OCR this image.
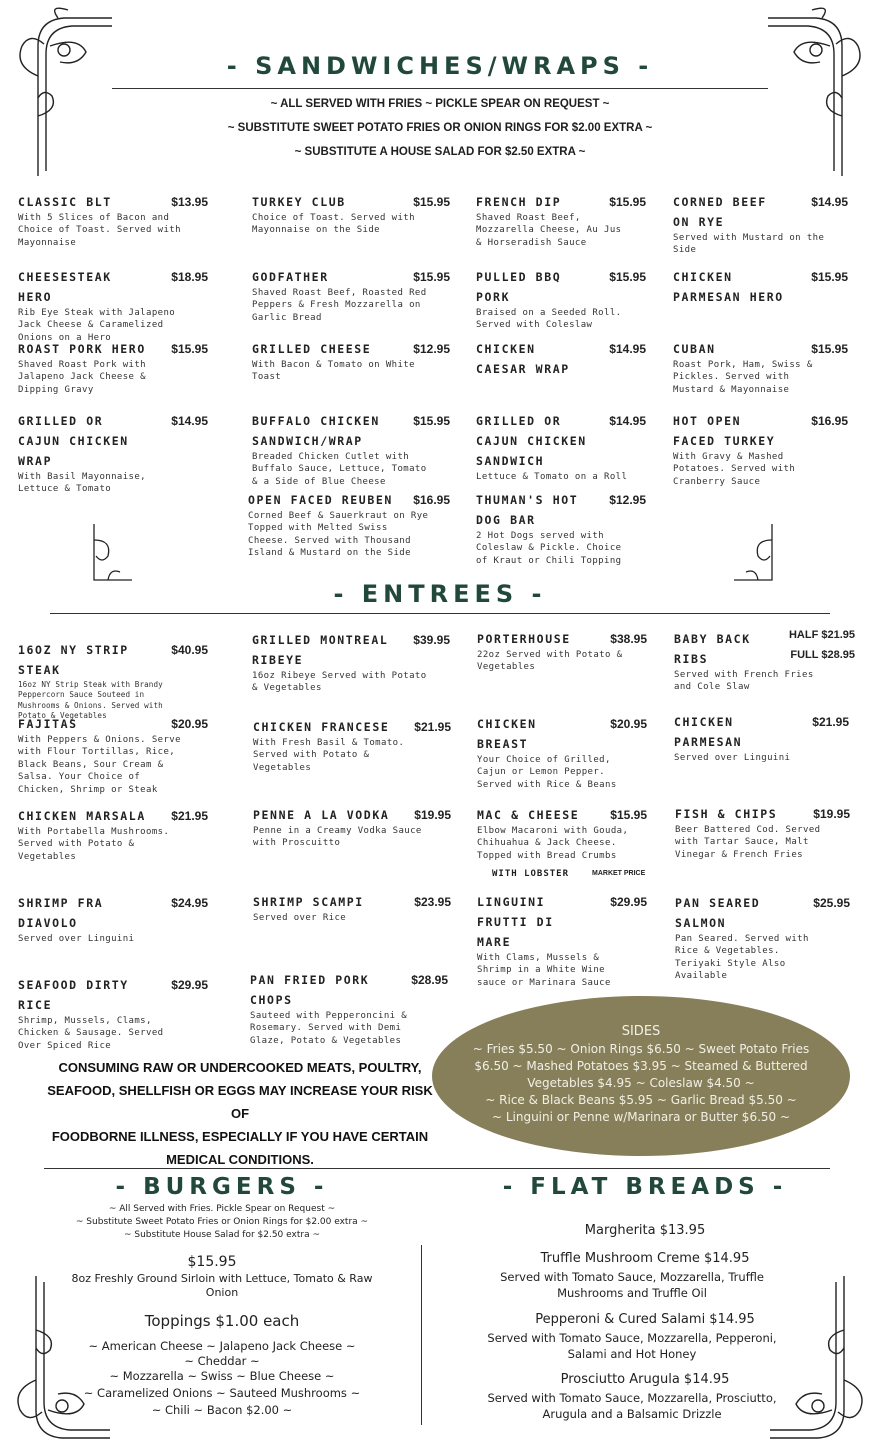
- SANDWICHES/WRAPS -
~ ALL SERVED WITH FRIES ~ PICKLE SPEAR ON REQUEST ~
~ SUBSTITUTE SWEET POTATO FRIES OR ONION RINGS FOR $2.00 EXTRA ~
~ SUBSTITUTE A HOUSE SALAD FOR $2.50 EXTRA ~
CLASSIC BLT	$13.95
With 5 Slices of Bacon and Choice of Toast. Served with Mayonnaise
TURKEY CLUB	$15.95
Choice of Toast. Served with Mayonnaise on the Side
FRENCH DIP	$15.95
Shaved Roast Beef, Mozzarella Cheese, Au Jus & Horseradish Sauce
CORNED BEEF ON RYE
$14.95
Served with Mustard on the Side
CHEESESTEAK HERO
$18.95
Rib Eye Steak with Jalapeno Jack Cheese & Caramelized Onions on a Hero
GODFATHER	$15.95
Shaved Roast Beef, Roasted Red Peppers & Fresh Mozzarella on Garlic Bread
PULLED BBQ PORK
$15.95
Braised on a Seeded Roll. Served with Coleslaw
CHICKEN PARMESAN HERO
$15.95
ROAST PORK HERO	$15.95
Shaved Roast Pork with Jalapeno Jack Cheese & Dipping Gravy
GRILLED CHEESE	$12.95
With Bacon & Tomato on White Toast
CHICKEN CAESAR WRAP
$14.95 CUBAN	$15.95
Roast Pork, Ham, Swiss & Pickles. Served with Mustard & Mayonnaise
GRILLED OR CAJUN CHICKEN WRAP
$14.95
With Basil Mayonnaise, Lettuce & Tomato
BUFFALO CHICKEN SANDWICH/WRAP
$15.95
Breaded Chicken Cutlet with Buffalo Sauce, Lettuce, Tomato & a Side of Blue Cheese
GRILLED OR CAJUN CHICKEN SANDWICH
$14.95
Lettuce & Tomato on a Roll
HOT OPEN FACED TURKEY
$16.95
With Gravy & Mashed Potatoes. Served with Cranberry Sauce
OPEN FACED REUBEN $16.95
Corned Beef & Sauerkraut on Rye Topped with Melted Swiss Cheese. Served with Thousand Island & Mustard on the Side
THUMAN'S HOT DOG BAR
$12.95
2 Hot Dogs served with Coleslaw & Pickle. Choice of Kraut or Chili Topping
- ENTREES -
16OZ NY STRIP STEAK
$40.95
16oz NY Strip Steak with Brandy Peppercorn Sauce Souteed in Mushrooms & Onions. Served with Potato & Vegetables
GRILLED MONTREAL RIBEYE
$39.95
16oz Ribeye Served with Potato & Vegetables
PORTERHOUSE	$38.95
22oz Served with Potato & Vegetables
BABY BACK RIBS
HALF $21.95
FULL $28.95
Served with French Fries and Cole Slaw
FAJITAS	$20.95
With Peppers & Onions. Serve with Flour Tortillas, Rice, Black Beans, Sour Cream & Salsa. Your Choice of Chicken, Shrimp or Steak
CHICKEN FRANCESE	$21.95
With Fresh Basil & Tomato. Served with Potato & Vegetables
CHICKEN BREAST
$20.95
Your Choice of Grilled, Cajun or Lemon Pepper. Served with Rice & Beans
CHICKEN PARMESAN
$21.95
Served over Linguini
CHICKEN MARSALA	$21.95
With Portabella Mushrooms. Served with Potato & Vegetables
PENNE A LA VODKA	$19.95
Penne in a Creamy Vodka Sauce with Proscuitto
MAC & CHEESE	$15.95
Elbow Macaroni with Gouda, Chihuahua & Jack Cheese. Topped with Bread Crumbs
FISH & CHIPS	$19.95
Beer Battered Cod. Served with Tartar Sauce, Malt Vinegar & French Fries
SHRIMP FRA DIAVOLO
$24.95
Served over Linguini
SHRIMP SCAMPI	$23.95
Served over Rice
LINGUINI FRUTTI DI MARE
$29.95
With Clams, Mussels & Shrimp in a White Wine sauce or Marinara Sauce
PAN SEARED SALMON
$25.95
Pan Seared. Served with Rice & Vegetables. Teriyaki Style Also Available
SEAFOOD DIRTY RICE
$29.95
Shrimp, Mussels, Clams, Chicken & Sausage. Served Over Spiced Rice
PAN FRIED PORK CHOPS
$28.95
Sauteed with Pepperoncini & Rosemary. Served with Demi Glaze, Potato & Vegetables
WITH LOBSTER	MARKET PRICE
SIDES
~ Fries $5.50 ~ Onion Rings $6.50 ~ Sweet Potato Fries
$6.50 ~ Mashed Potatoes $3.95 ~ Steamed & Buttered
Vegetables $4.95 ~ Coleslaw $4.50 ~
~ Rice & Black Beans $5.95 ~ Garlic Bread $5.50 ~
~ Linguini or Penne w/Marinara or Butter $6.50 ~
CONSUMING RAW OR UNDERCOOKED MEATS, POULTRY,
SEAFOOD, SHELLFISH OR EGGS MAY INCREASE YOUR RISK OF
FOODBORNE ILLNESS, ESPECIALLY IF YOU HAVE CERTAIN
MEDICAL CONDITIONS.
- BURGERS -
~ All Served with Fries. Pickle Spear on Request ~
~ Substitute Sweet Potato Fries or Onion Rings for $2.00 extra ~
~ Substitute House Salad for $2.50 extra ~
$15.95
8oz Freshly Ground Sirloin with Lettuce, Tomato & Raw
Onion
Toppings $1.00 each
~ American Cheese ~ Jalapeno Jack Cheese ~
~ Cheddar ~
~ Mozzarella ~ Swiss ~ Blue Cheese ~
~ Caramelized Onions ~ Sauteed Mushrooms ~
~ Chili ~ Bacon $2.00 ~
- FLAT BREADS -
Margherita $13.95
Truffle Mushroom Creme $14.95
Served with Tomato Sauce, Mozzarella, Truffle
Mushrooms and Truffle Oil
Pepperoni & Cured Salami $14.95
Served with Tomato Sauce, Mozzarella, Pepperoni,
Salami and Hot Honey
Prosciutto Arugula $14.95
Served with Tomato Sauce, Mozzarella, Prosciutto,
Arugula and a Balsamic Drizzle
